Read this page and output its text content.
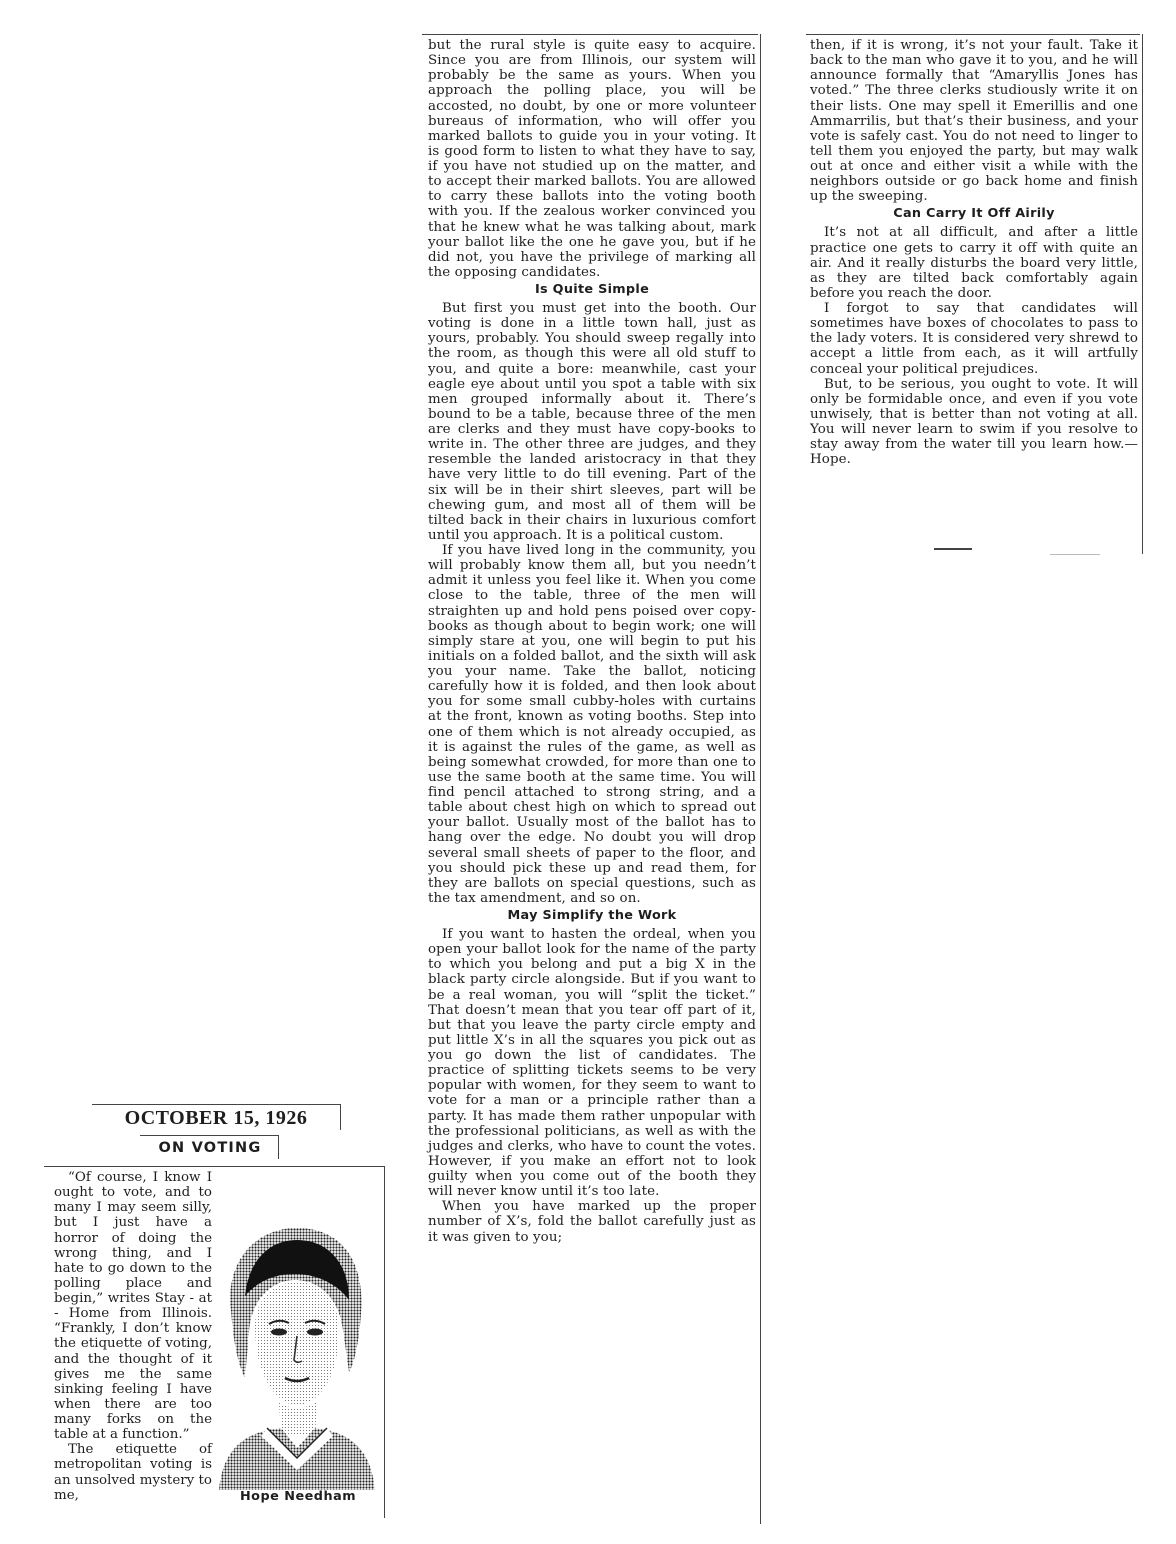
but the rural style is quite easy to acquire. Since you are from Illinois, our system will probably be the same as yours. When you approach the polling place, you will be accosted, no doubt, by one or more volunteer bureaus of information, who will offer you marked ballots to guide you in your voting. It is good form to listen to what they have to say, if you have not studied up on the matter, and to accept their marked ballots. You are allowed to carry these ballots into the voting booth with you. If the zealous worker convinced you that he knew what he was talking about, mark your ballot like the one he gave you, but if he did not, you have the privilege of marking all the opposing candidates.

Is Quite Simple

But first you must get into the booth. Our voting is done in a little town hall, just as yours, probably. You should sweep regally into the room, as though this were all old stuff to you, and quite a bore: meanwhile, cast your eagle eye about until you spot a table with six men grouped informally about it. There’s bound to be a table, because three of the men are clerks and they must have copy-books to write in. The other three are judges, and they resemble the landed aristocracy in that they have very little to do till evening. Part of the six will be in their shirt sleeves, part will be chewing gum, and most all of them will be tilted back in their chairs in luxurious comfort until you approach. It is a political custom.

If you have lived long in the community, you will probably know them all, but you needn’t admit it unless you feel like it. When you come close to the table, three of the men will straighten up and hold pens poised over copy-books as though about to begin work; one will simply stare at you, one will begin to put his initials on a folded ballot, and the sixth will ask you your name. Take the ballot, noticing carefully how it is folded, and then look about you for some small cubby-holes with curtains at the front, known as voting booths. Step into one of them which is not already occupied, as it is against the rules of the game, as well as being somewhat crowded, for more than one to use the same booth at the same time. You will find pencil attached to strong string, and a table about chest high on which to spread out your ballot. Usually most of the ballot has to hang over the edge. No doubt you will drop several small sheets of paper to the floor, and you should pick these up and read them, for they are ballots on special questions, such as the tax amendment, and so on.

May Simplify the Work

If you want to hasten the ordeal, when you open your ballot look for the name of the party to which you belong and put a big X in the black party circle alongside. But if you want to be a real woman, you will “split the ticket.” That doesn’t mean that you tear off part of it, but that you leave the party circle empty and put little X’s in all the squares you pick out as you go down the list of candidates. The practice of splitting tickets seems to be very popular with women, for they seem to want to vote for a man or a principle rather than a party. It has made them rather unpopular with the professional politicians, as well as with the judges and clerks, who have to count the votes. However, if you make an effort not to look guilty when you come out of the booth they will never know until it’s too late.

When you have marked up the proper number of X’s, fold the ballot carefully just as it was given to you;

then, if it is wrong, it’s not your fault. Take it back to the man who gave it to you, and he will announce formally that “Amaryllis Jones has voted.” The three clerks studiously write it on their lists. One may spell it Emerillis and one Ammarrilis, but that’s their business, and your vote is safely cast. You do not need to linger to tell them you enjoyed the party, but may walk out at once and either visit a while with the neighbors outside or go back home and finish up the sweeping.

Can Carry It Off Airily

It’s not at all difficult, and after a little practice one gets to carry it off with quite an air. And it really disturbs the board very little, as they are tilted back comfortably again before you reach the door.

I forgot to say that candidates will sometimes have boxes of chocolates to pass to the lady voters. It is considered very shrewd to accept a little from each, as it will artfully conceal your political prejudices.

But, to be serious, you ought to vote. It will only be formidable once, and even if you vote unwisely, that is better than not voting at all. You will never learn to swim if you resolve to stay away from the water till you learn how.—Hope.

OCTOBER 15, 1926
ON VOTING

“Of course, I know I ought to vote, and to many I may seem silly, but I just have a horror of doing the wrong thing, and I hate to go down to the polling place and begin,” writes Stay - at - Home from Illinois. “Frankly, I don’t know the etiquette of voting, and the thought of it gives me the same sinking feeling I have when there are too many forks on the table at a function.”

The etiquette of metropolitan voting is an unsolved mystery to me,	Hope Needham
